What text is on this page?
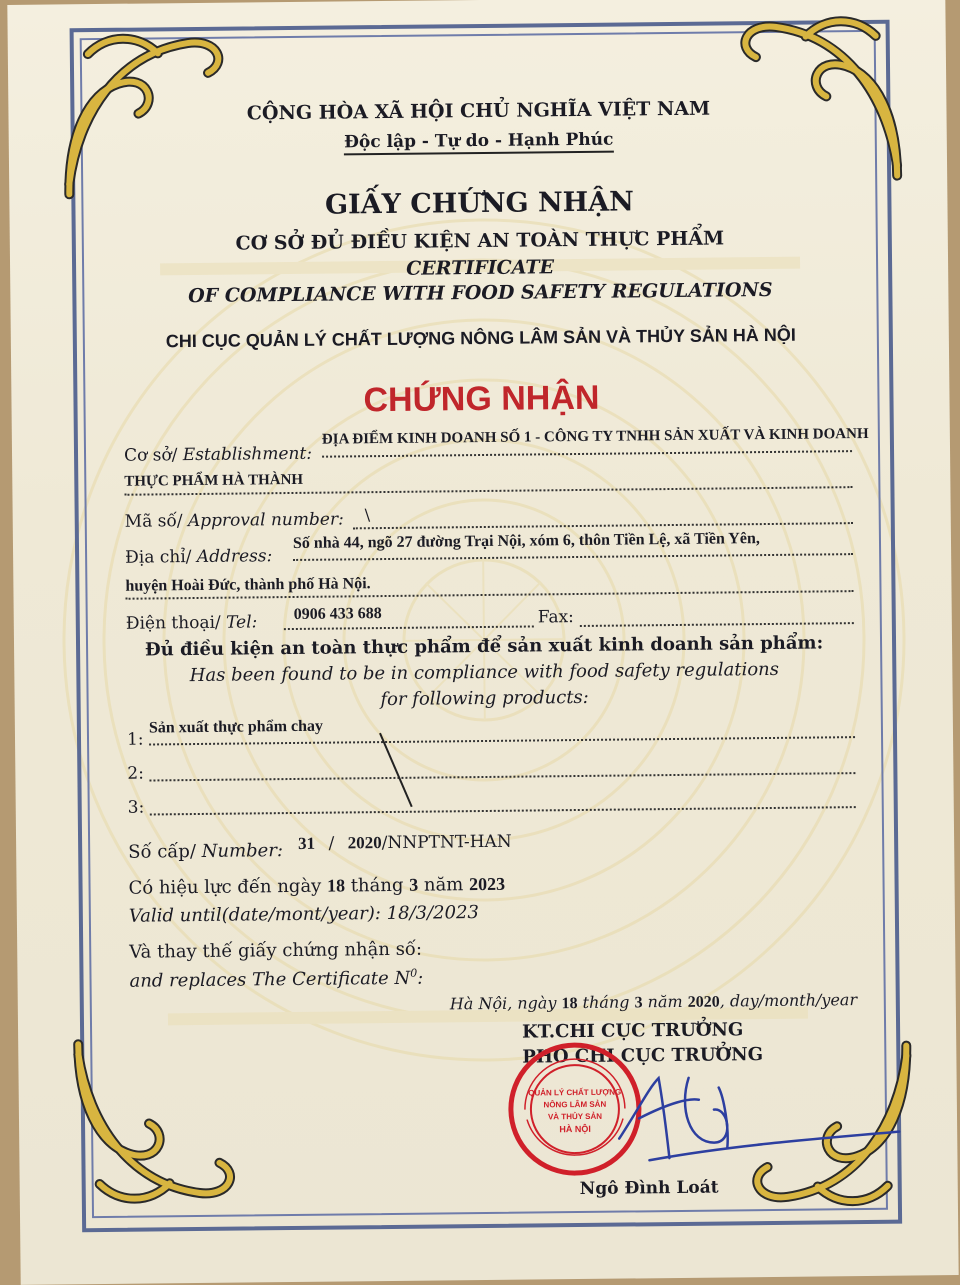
CỘNG HÒA XÃ HỘI CHỦ NGHĨA VIỆT NAM
Độc lập - Tự do - Hạnh Phúc
GIẤY CHỨNG NHẬN
CƠ SỞ ĐỦ ĐIỀU KIỆN AN TOÀN THỰC PHẨM
CERTIFICATE
OF COMPLIANCE WITH FOOD SAFETY REGULATIONS
CHI CỤC QUẢN LÝ CHẤT LƯỢNG NÔNG LÂM SẢN VÀ THỦY SẢN HÀ NỘI
CHỨNG NHẬN
Cơ sở/ Establishment:
ĐỊA ĐIỂM KINH DOANH SỐ 1 - CÔNG TY TNHH SẢN XUẤT VÀ KINH DOANH
THỰC PHẨM HÀ THÀNH
Mã số/ Approval number: \
Địa chỉ/ Address:
Số nhà 44, ngõ 27 đường Trại Nội, xóm 6, thôn Tiền Lệ, xã Tiền Yên,
huyện Hoài Đức, thành phố Hà Nội.
Điện thoại/ Tel: 0906 433 688	Fax:
Đủ điều kiện an toàn thực phẩm để sản xuất kinh doanh sản phẩm:
Has been found to be in compliance with food safety regulations
for following products:
1:
Sản xuất thực phẩm chay
2:
3:
Số cấp/ Number: 31 / 2020/NNPTNT-HAN
Có hiệu lực đến ngày 18 tháng 3 năm 2023
Valid until(date/mont/year): 18/3/2023
Và thay thế giấy chứng nhận số:
and replaces The Certificate $N^0$:
Hà Nội, ngày 18 tháng 3 năm 2020, day/month/year
KT.CHI CỤC TRƯỞNG
PHÓ CHI CỤC TRƯỞNG
QUẢN LÝ CHẤT LƯỢNG
NÔNG LÂM SẢN
VÀ THỦY SẢN
HÀ NỘI
Ngô Đình Loát
